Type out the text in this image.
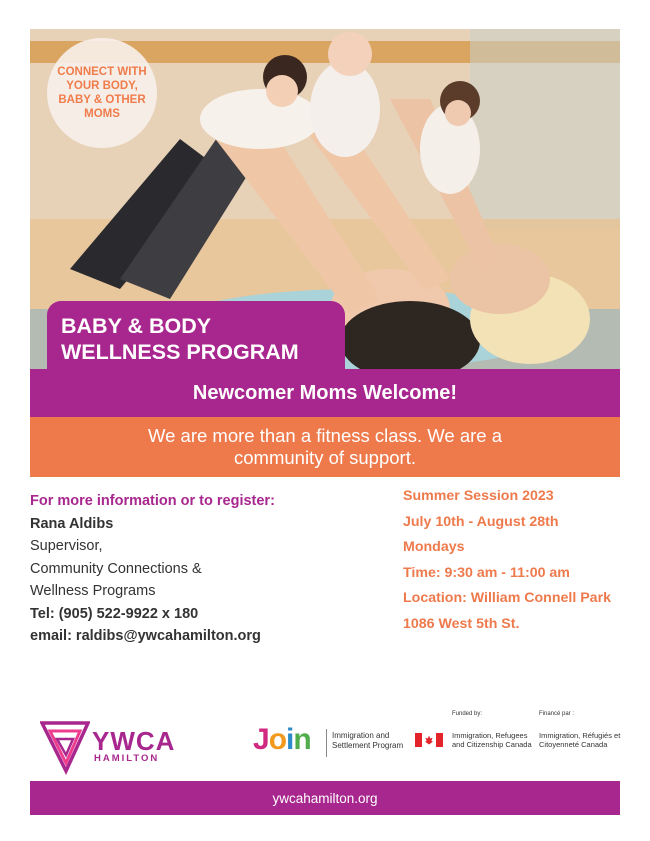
CONNECT WITH YOUR BODY, BABY & OTHER MOMS
BABY & BODY
WELLNESS PROGRAM
Newcomer Moms Welcome!
We are more than a fitness class. We are a community of support.
For more information or to register:
Rana Aldibs
Supervisor,
Community Connections &
Wellness Programs
Tel: (905) 522-9922 x 180
email: raldibs@ywcahamilton.org
Summer Session 2023
July 10th - August 28th
Mondays
Time: 9:30 am - 11:00 am
Location: William Connell Park
1086 West 5th St.
YWCA
HAMILTON
Join	Immigration and Settlement Program
Funded by:	Financé par :
Immigration, Refugees and Citizenship Canada
Immigration, Réfugiés et Citoyenneté Canada
ywcahamilton.org
